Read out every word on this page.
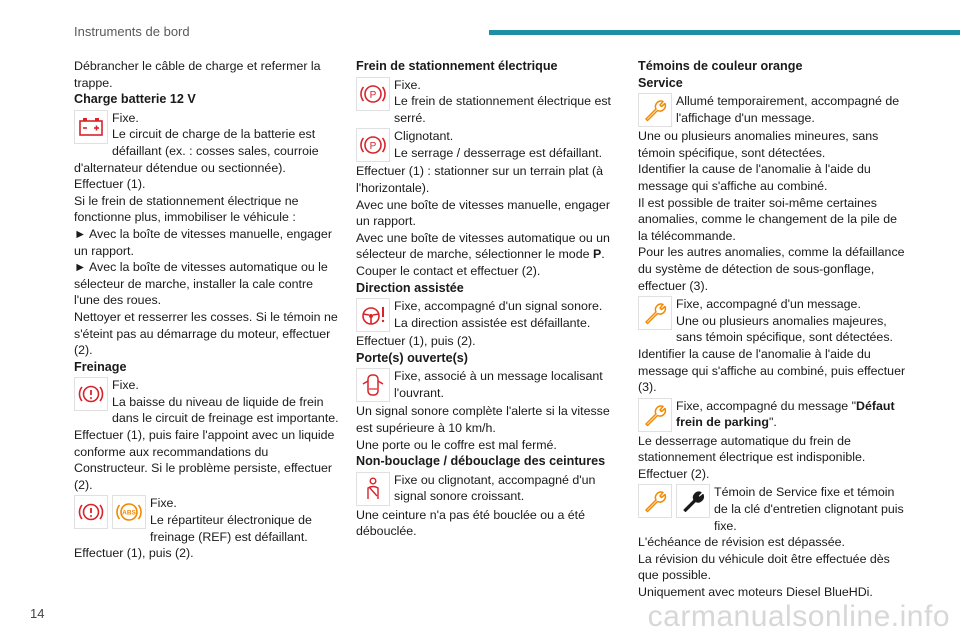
Instruments de bord

Débrancher le câble de charge et refermer la trappe.

Charge batterie 12 V

Fixe.

Le circuit de charge de la batterie est défaillant (ex. : cosses sales, courroie d'alternateur détendue ou sectionnée).

Effectuer (1).

Si le frein de stationnement électrique ne fonctionne plus, immobiliser le véhicule :

► Avec la boîte de vitesses manuelle, engager un rapport.

► Avec la boîte de vitesses automatique ou le sélecteur de marche, installer la cale contre l'une des roues.

Nettoyer et resserrer les cosses. Si le témoin ne s'éteint pas au démarrage du moteur, effectuer (2).

Freinage

Fixe.

La baisse du niveau de liquide de frein dans le circuit de freinage est importante.

Effectuer (1), puis faire l'appoint avec un liquide conforme aux recommandations du Constructeur. Si le problème persiste, effectuer (2).

ABS

Fixe.

Le répartiteur électronique de freinage (REF) est défaillant.

Effectuer (1), puis (2).

Frein de stationnement électrique

P

Fixe.

Le frein de stationnement électrique est serré.

P

Clignotant.

Le serrage / desserrage est défaillant.

Effectuer (1) : stationner sur un terrain plat (à l'horizontale).

Avec une boîte de vitesses manuelle, engager un rapport.

Avec une boîte de vitesses automatique ou un sélecteur de marche, sélectionner le mode P.

Couper le contact et effectuer (2).

Direction assistée

Fixe, accompagné d'un signal sonore.

La direction assistée est défaillante.

Effectuer (1), puis (2).

Porte(s) ouverte(s)

Fixe, associé à un message localisant l'ouvrant.

Un signal sonore complète l'alerte si la vitesse est supérieure à 10 km/h.

Une porte ou le coffre est mal fermé.

Non-bouclage / débouclage des ceintures

Fixe ou clignotant, accompagné d'un signal sonore croissant.

Une ceinture n'a pas été bouclée ou a été débouclée.

Témoins de couleur orange

Service

Allumé temporairement, accompagné de l'affichage d'un message.

Une ou plusieurs anomalies mineures, sans témoin spécifique, sont détectées.

Identifier la cause de l'anomalie à l'aide du message qui s'affiche au combiné.

Il est possible de traiter soi-même certaines anomalies, comme le changement de la pile de la télécommande.

Pour les autres anomalies, comme la défaillance du système de détection de sous-gonflage, effectuer (3).

Fixe, accompagné d'un message.

Une ou plusieurs anomalies majeures, sans témoin spécifique, sont détectées.

Identifier la cause de l'anomalie à l'aide du message qui s'affiche au combiné, puis effectuer (3).

Fixe, accompagné du message "Défaut frein de parking".

Le desserrage automatique du frein de stationnement électrique est indisponible.

Effectuer (2).

Témoin de Service fixe et témoin de la clé d'entretien clignotant puis fixe.

L'échéance de révision est dépassée.

La révision du véhicule doit être effectuée dès que possible.

Uniquement avec moteurs Diesel BlueHDi.

14	carmanualsonline.info
